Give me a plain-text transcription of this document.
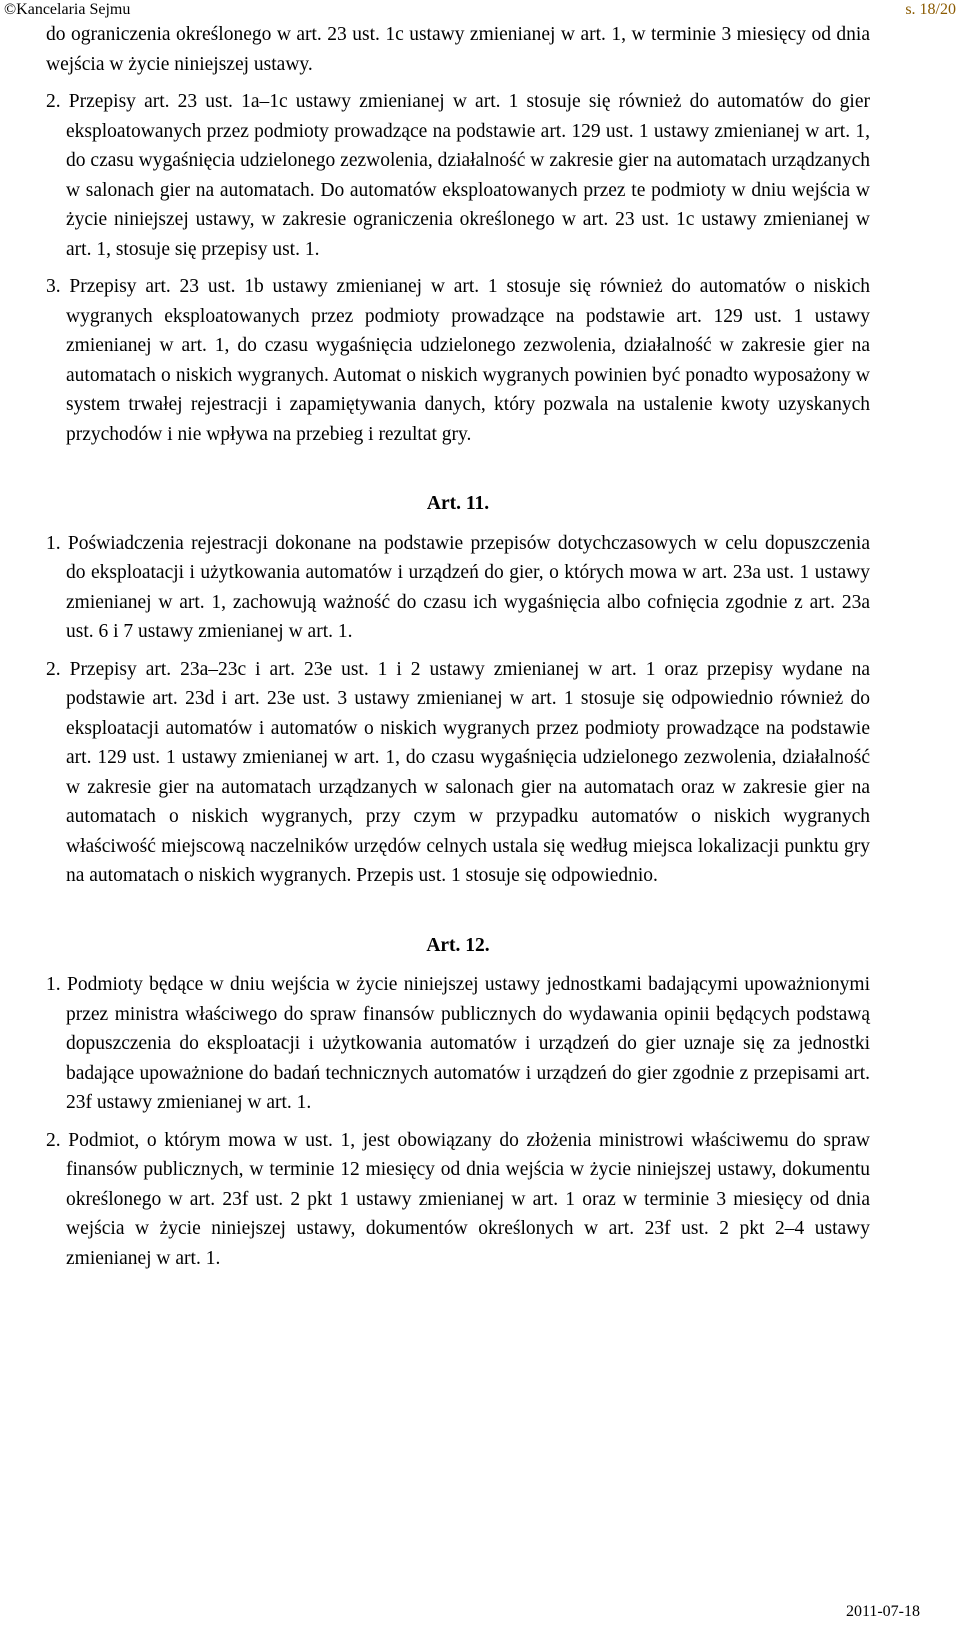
©Kancelaria Sejmu	s. 18/20

do ograniczenia określonego w art. 23 ust. 1c ustawy zmienianej w art. 1, w terminie 3 miesięcy od dnia wejścia w życie niniejszej ustawy.

2. Przepisy art. 23 ust. 1a–1c ustawy zmienianej w art. 1 stosuje się również do automatów do gier eksploatowanych przez podmioty prowadzące na podstawie art. 129 ust. 1 ustawy zmienianej w art. 1, do czasu wygaśnięcia udzielonego zezwolenia, działalność w zakresie gier na automatach urządzanych w salonach gier na automatach. Do automatów eksploatowanych przez te podmioty w dniu wejścia w życie niniejszej ustawy, w zakresie ograniczenia określonego w art. 23 ust. 1c ustawy zmienianej w art. 1, stosuje się przepisy ust. 1.

3. Przepisy art. 23 ust. 1b ustawy zmienianej w art. 1 stosuje się również do automatów o niskich wygranych eksploatowanych przez podmioty prowadzące na podstawie art. 129 ust. 1 ustawy zmienianej w art. 1, do czasu wygaśnięcia udzielonego zezwolenia, działalność w zakresie gier na automatach o niskich wygranych. Automat o niskich wygranych powinien być ponadto wyposażony w system trwałej rejestracji i zapamiętywania danych, który pozwala na ustalenie kwoty uzyskanych przychodów i nie wpływa na przebieg i rezultat gry.

Art. 11.

1. Poświadczenia rejestracji dokonane na podstawie przepisów dotychczasowych w celu dopuszczenia do eksploatacji i użytkowania automatów i urządzeń do gier, o których mowa w art. 23a ust. 1 ustawy zmienianej w art. 1, zachowują ważność do czasu ich wygaśnięcia albo cofnięcia zgodnie z art. 23a ust. 6 i 7 ustawy zmienianej w art. 1.

2. Przepisy art. 23a–23c i art. 23e ust. 1 i 2 ustawy zmienianej w art. 1 oraz przepisy wydane na podstawie art. 23d i art. 23e ust. 3 ustawy zmienianej w art. 1 stosuje się odpowiednio również do eksploatacji automatów i automatów o niskich wygranych przez podmioty prowadzące na podstawie art. 129 ust. 1 ustawy zmienianej w art. 1, do czasu wygaśnięcia udzielonego zezwolenia, działalność w zakresie gier na automatach urządzanych w salonach gier na automatach oraz w zakresie gier na automatach o niskich wygranych, przy czym w przypadku automatów o niskich wygranych właściwość miejscową naczelników urzędów celnych ustala się według miejsca lokalizacji punktu gry na automatach o niskich wygranych. Przepis ust. 1 stosuje się odpowiednio.

Art. 12.

1. Podmioty będące w dniu wejścia w życie niniejszej ustawy jednostkami badającymi upoważnionymi przez ministra właściwego do spraw finansów publicznych do wydawania opinii będących podstawą dopuszczenia do eksploatacji i użytkowania automatów i urządzeń do gier uznaje się za jednostki badające upoważnione do badań technicznych automatów i urządzeń do gier zgodnie z przepisami art. 23f ustawy zmienianej w art. 1.

2. Podmiot, o którym mowa w ust. 1, jest obowiązany do złożenia ministrowi właściwemu do spraw finansów publicznych, w terminie 12 miesięcy od dnia wejścia w życie niniejszej ustawy, dokumentu określonego w art. 23f ust. 2 pkt 1 ustawy zmienianej w art. 1 oraz w terminie 3 miesięcy od dnia wejścia w życie niniejszej ustawy, dokumentów określonych w art. 23f ust. 2 pkt 2–4 ustawy zmienianej w art. 1.

2011-07-18
